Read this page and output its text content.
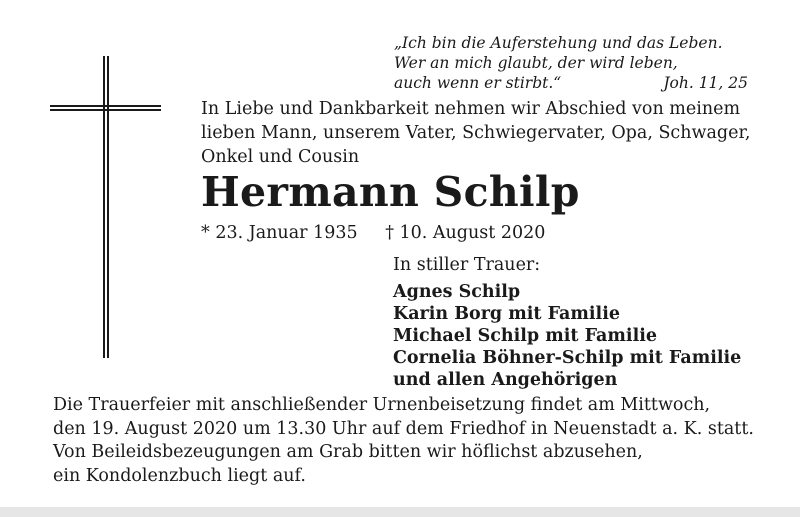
„Ich bin die Auferstehung und das Leben.
Wer an mich glaubt, der wird leben,
auch wenn er stirbt.“	Joh. 11, 25
In Liebe und Dankbarkeit nehmen wir Abschied von meinem
lieben Mann, unserem Vater, Schwiegervater, Opa, Schwager,
Onkel und Cousin
Hermann Schilp
* 23. Januar 1935 † 10. August 2020
In stiller Trauer:
Agnes Schilp
Karin Borg mit Familie
Michael Schilp mit Familie
Cornelia Böhner-Schilp mit Familie
und allen Angehörigen
Die Trauerfeier mit anschließender Urnenbeisetzung findet am Mittwoch,
den 19. August 2020 um 13.30 Uhr auf dem Friedhof in Neuenstadt a. K. statt.
Von Beileidsbezeugungen am Grab bitten wir höflichst abzusehen,
ein Kondolenzbuch liegt auf.
